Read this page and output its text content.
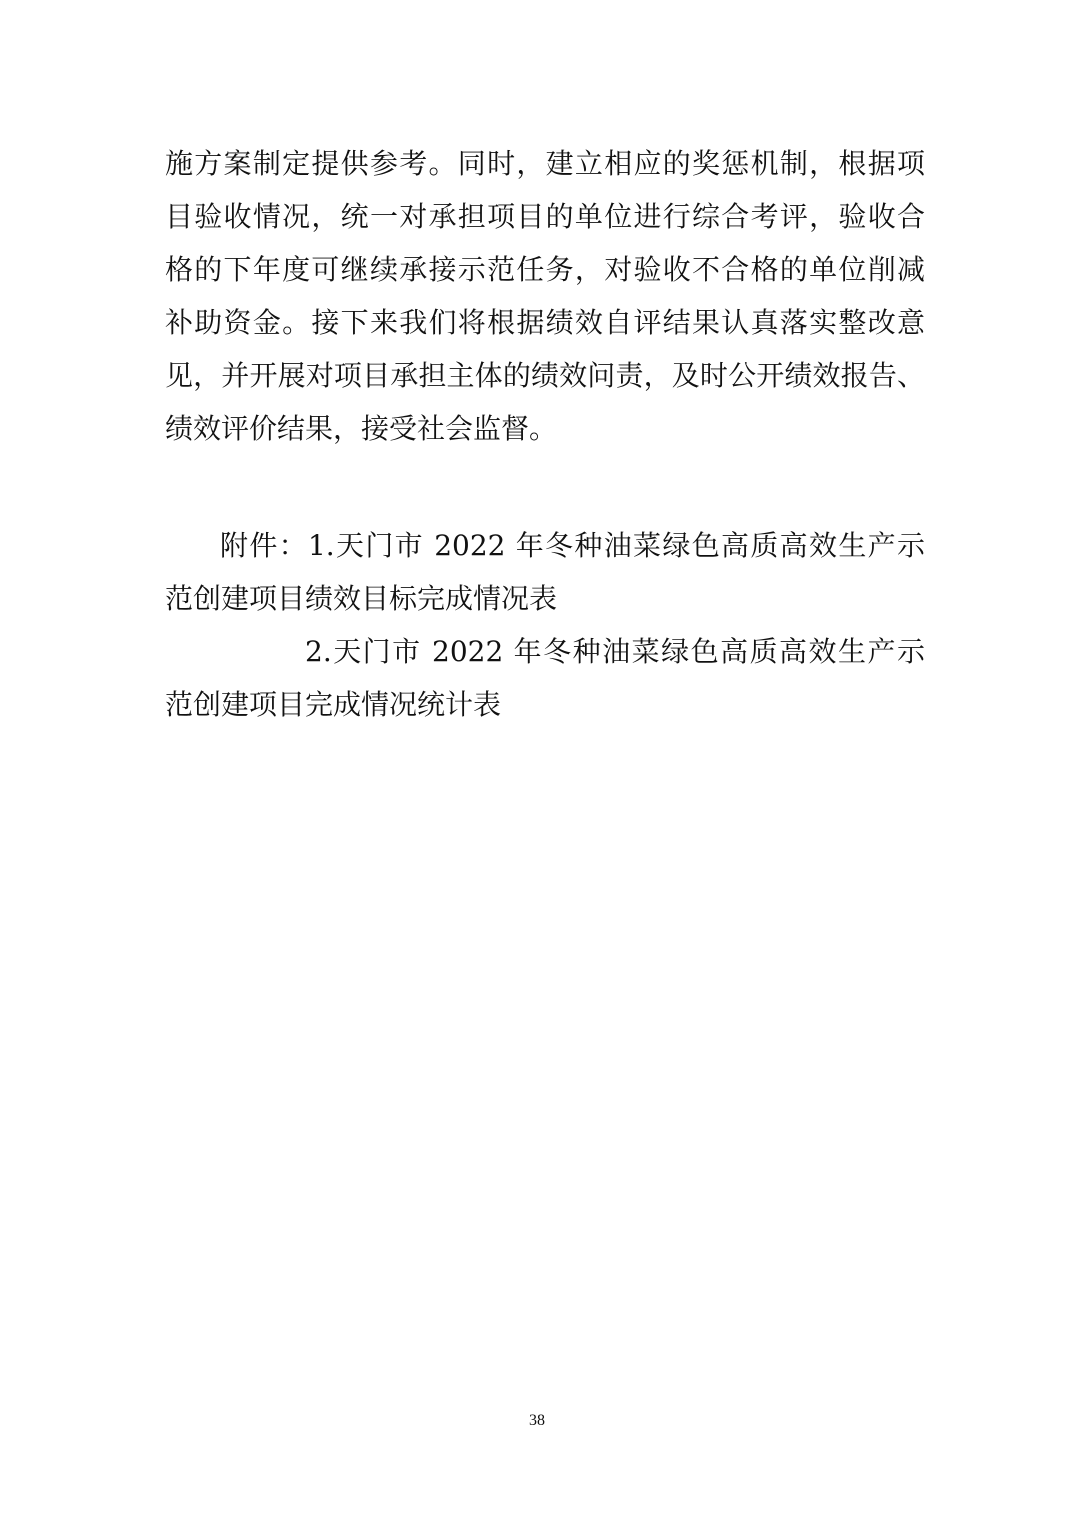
施方案制定提供参考。同时，建立相应的奖惩机制，根据项
目验收情况，统一对承担项目的单位进行综合考评，验收合
格的下年度可继续承接示范任务，对验收不合格的单位削减
补助资金。接下来我们将根据绩效自评结果认真落实整改意
见，并开展对项目承担主体的绩效问责，及时公开绩效报告、
绩效评价结果，接受社会监督。
附件：1.天门市 2022 年冬种油菜绿色高质高效生产示
范创建项目绩效目标完成情况表
2.天门市 2022 年冬种油菜绿色高质高效生产示
范创建项目完成情况统计表
38
